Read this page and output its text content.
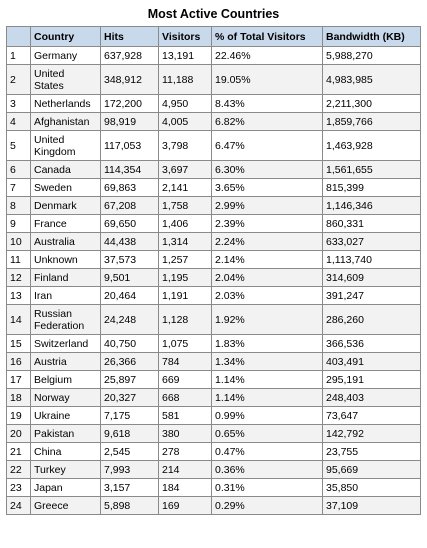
Most Active Countries
	Country	Hits	Visitors	% of Total Visitors	Bandwidth (KB)
1	Germany	637,928	13,191	22.46%	5,988,270
2	United States	348,912	11,188	19.05%	4,983,985
3	Netherlands	172,200	4,950	8.43%	2,211,300
4	Afghanistan	98,919	4,005	6.82%	1,859,766
5	United Kingdom	117,053	3,798	6.47%	1,463,928
6	Canada	114,354	3,697	6.30%	1,561,655
7	Sweden	69,863	2,141	3.65%	815,399
8	Denmark	67,208	1,758	2.99%	1,146,346
9	France	69,650	1,406	2.39%	860,331
10	Australia	44,438	1,314	2.24%	633,027
11	Unknown	37,573	1,257	2.14%	1,113,740
12	Finland	9,501	1,195	2.04%	314,609
13	Iran	20,464	1,191	2.03%	391,247
14	Russian Federation	24,248	1,128	1.92%	286,260
15	Switzerland	40,750	1,075	1.83%	366,536
16	Austria	26,366	784	1.34%	403,491
17	Belgium	25,897	669	1.14%	295,191
18	Norway	20,327	668	1.14%	248,403
19	Ukraine	7,175	581	0.99%	73,647
20	Pakistan	9,618	380	0.65%	142,792
21	China	2,545	278	0.47%	23,755
22	Turkey	7,993	214	0.36%	95,669
23	Japan	3,157	184	0.31%	35,850
24	Greece	5,898	169	0.29%	37,109
